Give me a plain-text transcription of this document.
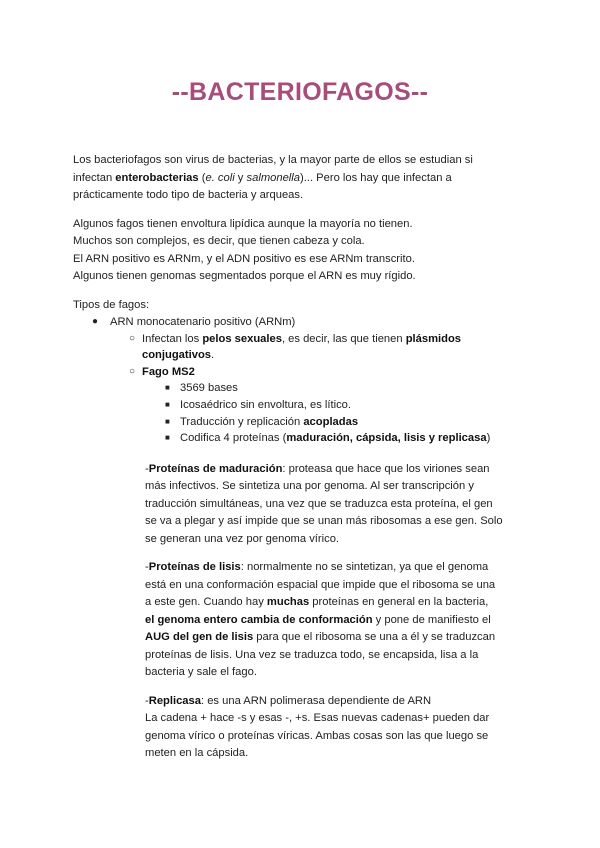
--BACTERIOFAGOS--
Los bacteriofagos son virus de bacterias, y la mayor parte de ellos se estudian si
infectan enterobacterias (e. coli y salmonella)... Pero los hay que infectan a
prácticamente todo tipo de bacteria y arqueas.
Algunos fagos tienen envoltura lipídica aunque la mayoría no tienen.
Muchos son complejos, es decir, que tienen cabeza y cola.
El ARN positivo es ARNm, y el ADN positivo es ese ARNm transcrito.
Algunos tienen genomas segmentados porque el ARN es muy rígido.
Tipos de fagos:
● ARN monocatenario positivo (ARNm)
○ Infectan los pelos sexuales, es decir, las que tienen plásmidos
conjugativos.
○ Fago MS2
■ 3569 bases
■ Icosaédrico sin envoltura, es lítico.
■ Traducción y replicación acopladas
■ Codifica 4 proteínas (maduración, cápsida, lisis y replicasa)
-Proteínas de maduración: proteasa que hace que los viriones sean
más infectivos. Se sintetiza una por genoma. Al ser transcripción y
traducción simultáneas, una vez que se traduzca esta proteína, el gen
se va a plegar y así impide que se unan más ribosomas a ese gen. Solo
se generan una vez por genoma vírico.
-Proteínas de lisis: normalmente no se sintetizan, ya que el genoma
está en una conformación espacial que impide que el ribosoma se una
a este gen. Cuando hay muchas proteínas en general en la bacteria,
el genoma entero cambia de conformación y pone de manifiesto el
AUG del gen de lisis para que el ribosoma se una a él y se traduzcan
proteínas de lisis. Una vez se traduzca todo, se encapsida, lisa a la
bacteria y sale el fago.
-Replicasa: es una ARN polimerasa dependiente de ARN
La cadena + hace -s y esas -, +s. Esas nuevas cadenas+ pueden dar
genoma vírico o proteínas víricas. Ambas cosas son las que luego se
meten en la cápsida.
